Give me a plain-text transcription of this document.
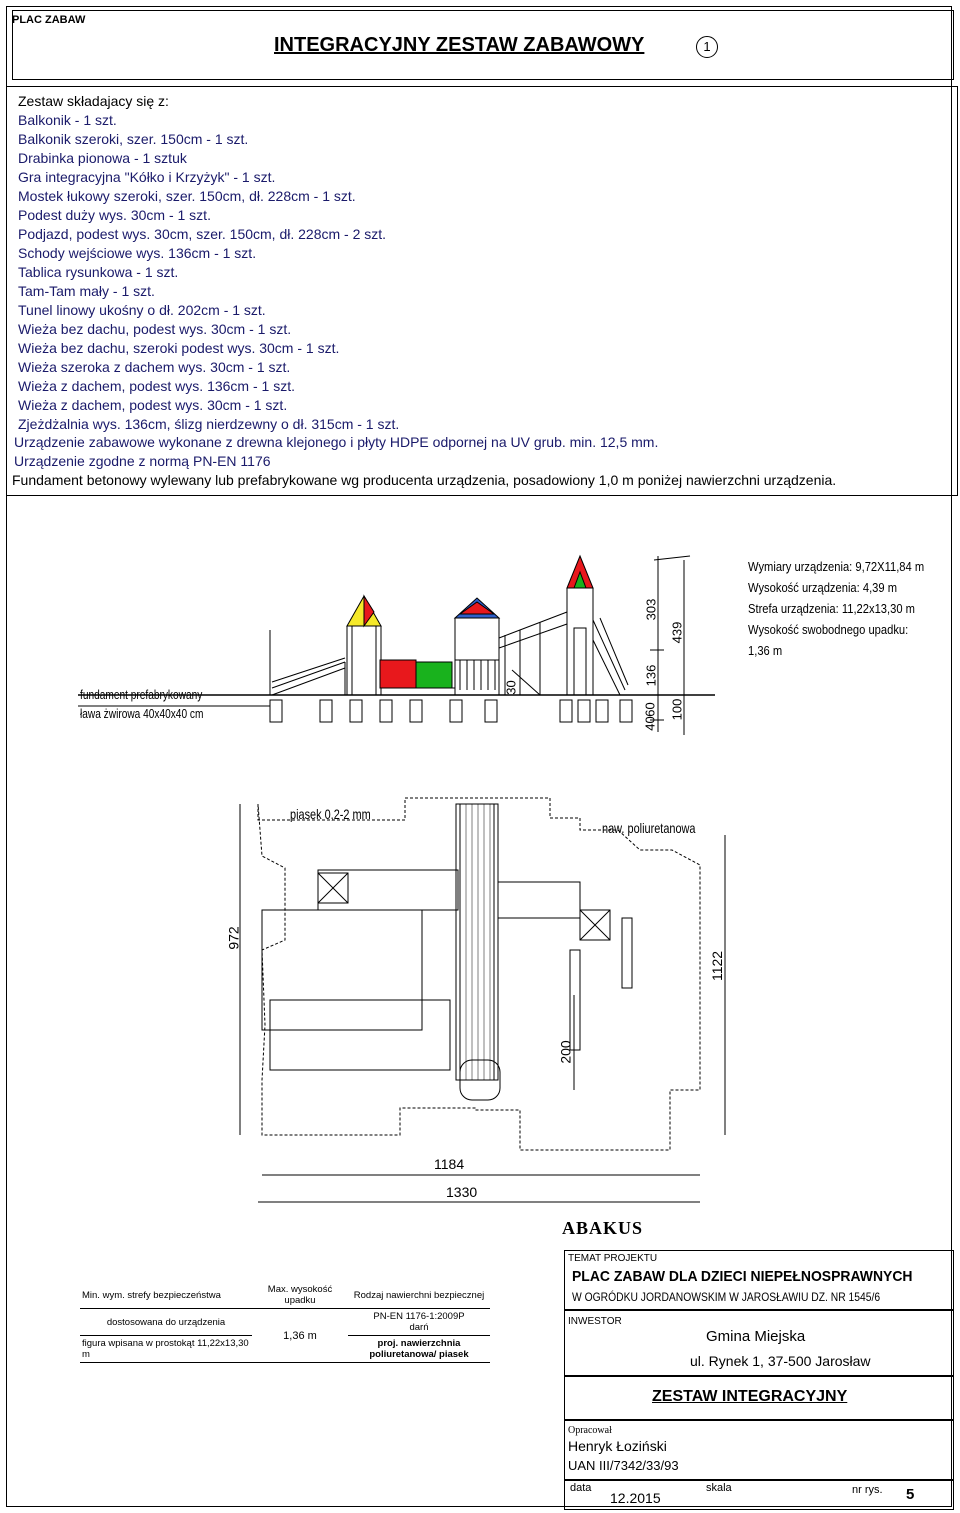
PLAC ZABAW
INTEGRACYJNY ZESTAW ZABAWOWY	1
Zestaw składajacy się z:
Balkonik - 1 szt.
Balkonik szeroki, szer. 150cm - 1 szt.
Drabinka pionowa - 1 sztuk
Gra integracyjna "Kółko i Krzyżyk" - 1 szt.
Mostek łukowy szeroki, szer. 150cm, dł. 228cm - 1 szt.
Podest duży wys. 30cm - 1 szt.
Podjazd, podest wys. 30cm, szer. 150cm, dł. 228cm - 2 szt.
Schody wejściowe wys. 136cm - 1 szt.
Tablica rysunkowa - 1 szt.
Tam-Tam mały - 1 szt.
Tunel linowy ukośny o dł. 202cm - 1 szt.
Wieża bez dachu, podest wys. 30cm - 1 szt.
Wieża bez dachu, szeroki podest wys. 30cm - 1 szt.
Wieża szeroka z dachem wys. 30cm - 1 szt.
Wieża z dachem, podest wys. 136cm - 1 szt.
Wieża z dachem, podest wys. 30cm - 1 szt.
Zjeżdżalnia wys. 136cm, ślizg nierdzewny o dł. 315cm - 1 szt.
Urządzenie zabawowe wykonane z drewna klejonego i płyty HDPE odpornej na UV grub. min. 12,5 mm.
Urządzenie zgodne z normą PN-EN 1176
Fundament betonowy wylewany lub prefabrykowane wg producenta urządzenia, posadowiony 1,0 m poniżej nawierzchni urządzenia.
fundament prefabrykowany
ława żwirowa 40x40x40 cm
30
303
439
136
40
60 100
Wymiary urządzenia: 9,72X11,84 m
Wysokość urządzenia: 4,39 m
Strefa urządzenia: 11,22x13,30 m
Wysokość swobodnego upadku: 1,36 m
piasek 0,2-2 mm
naw. poliuretanowa
972
1122
200
1184
1330
Min. wym. strefy bezpieczeństwa	Max. wysokość upadku	Rodzaj nawierchni bezpiecznej
dostosowana do urządzenia	1,36 m	PN-EN 1176-1:2009P
darń

figura wpisana w prostokąt 11,22x13,30 m		proj. nawierzchnia poliuretanowa/ piasek
ABAKUS
TEMAT PROJEKTU
PLAC ZABAW DLA DZIECI NIEPEŁNOSPRAWNYCH
W OGRÓDKU JORDANOWSKIM W JAROSŁAWIU DZ. NR 1545/6
INWESTOR
Gmina Miejska
ul. Rynek 1, 37-500 Jarosław
ZESTAW INTEGRACYJNY
Opracował
Henryk Łoziński
UAN III/7342/33/93
data
12.2015
skala	nr rys. 5
